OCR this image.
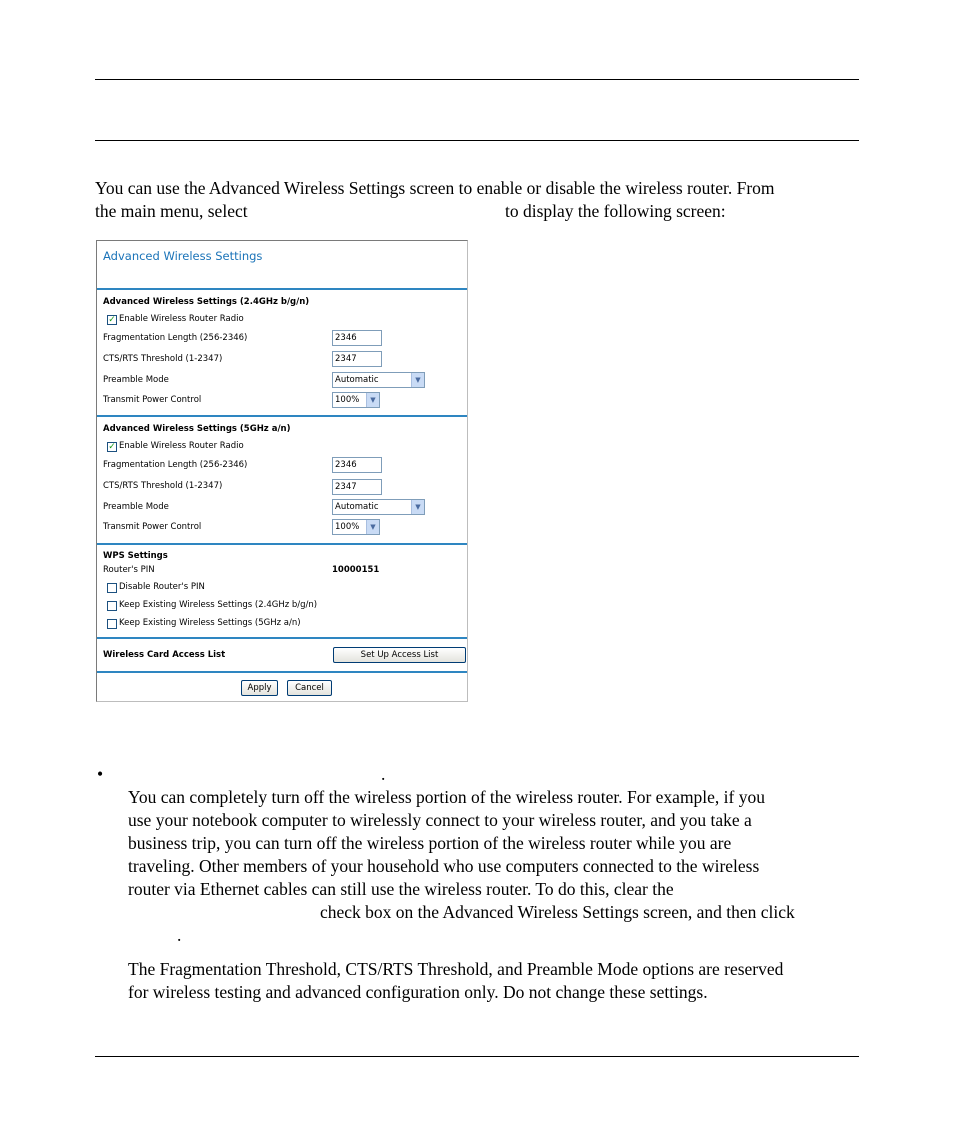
You can use the Advanced Wireless Settings screen to enable or disable the wireless router. From

the main menu, select	to display the following screen:

Advanced Wireless Settings
Advanced Wireless Settings (2.4GHz b/g/n)
✓ Enable Wireless Router Radio
Fragmentation Length (256-2346)	2346
CTS/RTS Threshold (1-2347)	2347
Preamble Mode	Automatic	▼
Transmit Power Control	100%	▼
Advanced Wireless Settings (5GHz a/n)
✓ Enable Wireless Router Radio
Fragmentation Length (256-2346)	2346
CTS/RTS Threshold (1-2347)	2347
Preamble Mode	Automatic	▼
Transmit Power Control	100%	▼
WPS Settings
Router's PIN	10000151
Disable Router's PIN
Keep Existing Wireless Settings (2.4GHz b/g/n)
Keep Existing Wireless Settings (5GHz a/n)
Wireless Card Access List	Set Up Access List
Apply	Cancel
•	.

You can completely turn off the wireless portion of the wireless router. For example, if you

use your notebook computer to wirelessly connect to your wireless router, and you take a

business trip, you can turn off the wireless portion of the wireless router while you are

traveling. Other members of your household who use computers connected to the wireless

router via Ethernet cables can still use the wireless router. To do this, clear the

check box on the Advanced Wireless Settings screen, and then click

.

The Fragmentation Threshold, CTS/RTS Threshold, and Preamble Mode options are reserved

for wireless testing and advanced configuration only. Do not change these settings.
